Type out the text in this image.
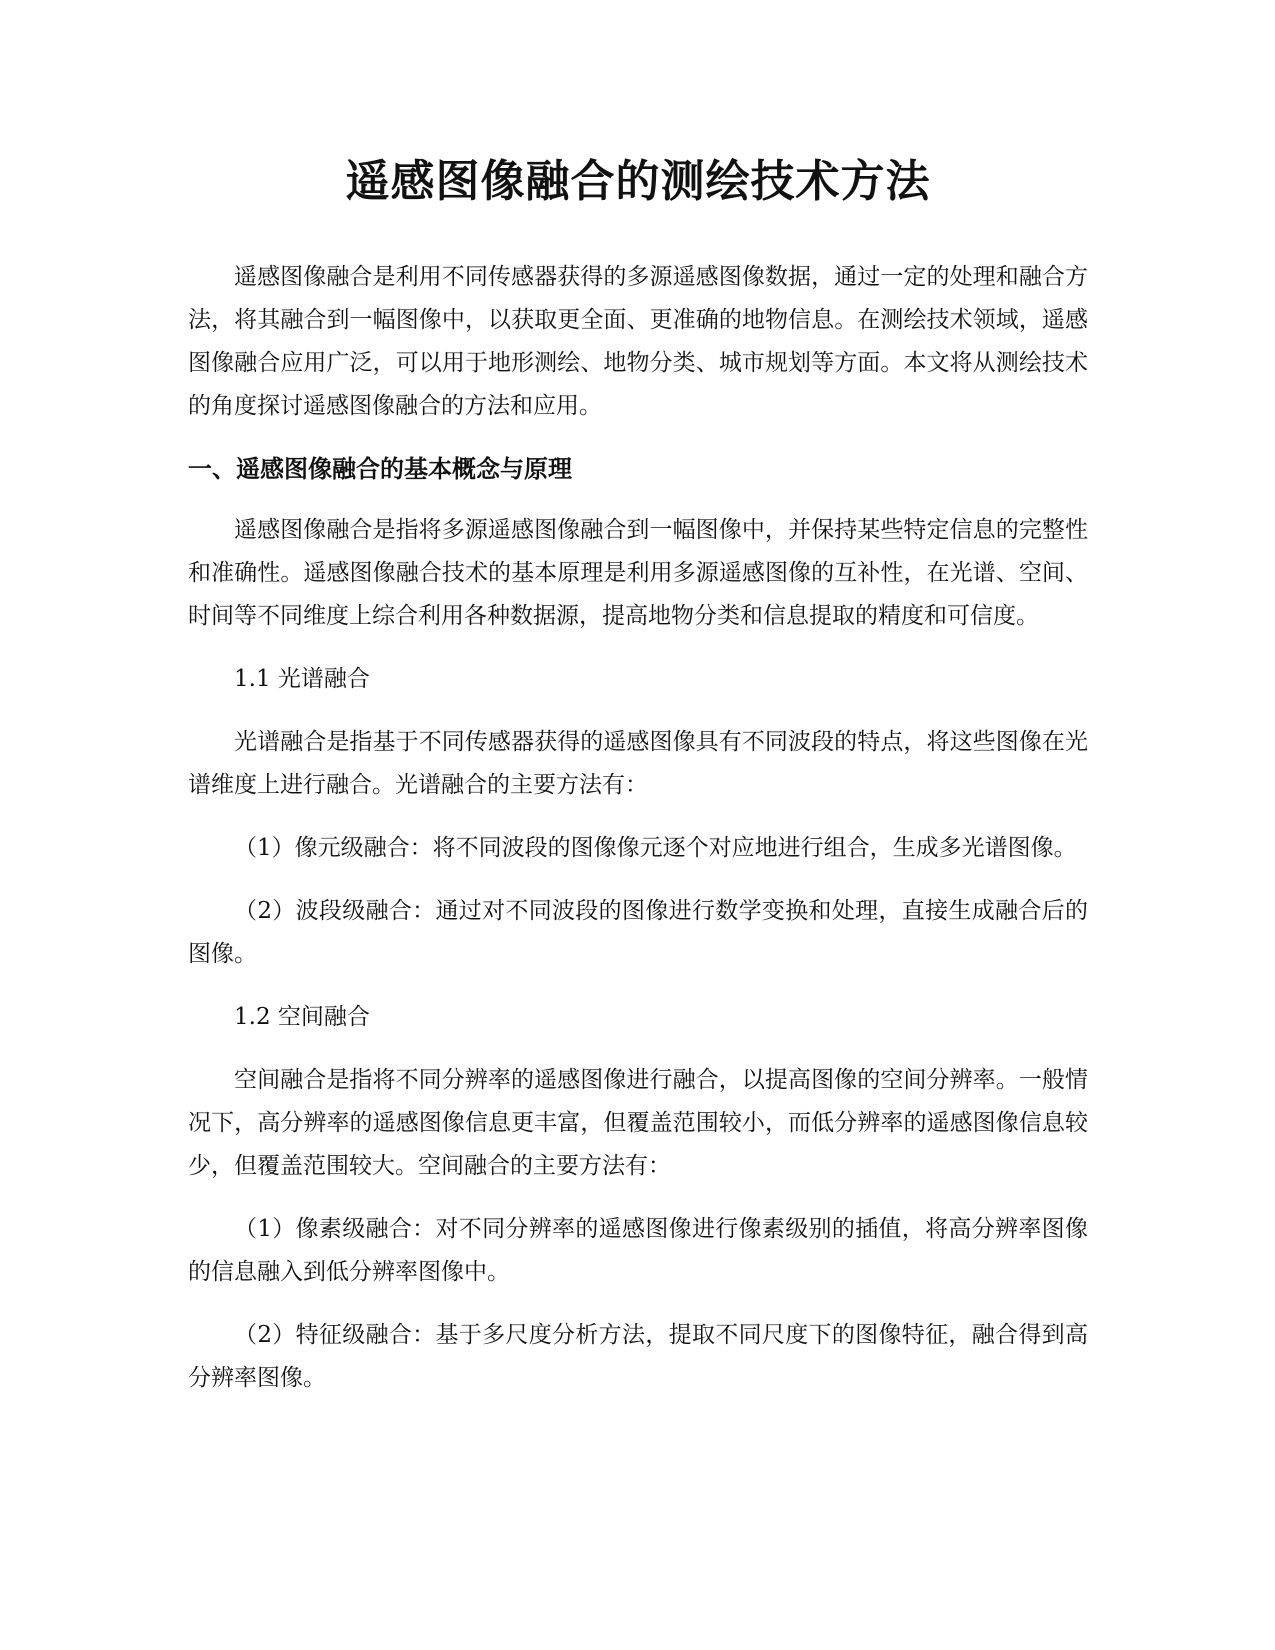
遥感图像融合的测绘技术方法

遥感图像融合是利用不同传感器获得的多源遥感图像数据，通过一定的处理和融合方法，将其融合到一幅图像中，以获取更全面、更准确的地物信息。在测绘技术领域，遥感图像融合应用广泛，可以用于地形测绘、地物分类、城市规划等方面。本文将从测绘技术的角度探讨遥感图像融合的方法和应用。

一、遥感图像融合的基本概念与原理

遥感图像融合是指将多源遥感图像融合到一幅图像中，并保持某些特定信息的完整性和准确性。遥感图像融合技术的基本原理是利用多源遥感图像的互补性，在光谱、空间、时间等不同维度上综合利用各种数据源，提高地物分类和信息提取的精度和可信度。

1.1 光谱融合

光谱融合是指基于不同传感器获得的遥感图像具有不同波段的特点，将这些图像在光谱维度上进行融合。光谱融合的主要方法有：

（1）像元级融合：将不同波段的图像像元逐个对应地进行组合，生成多光谱图像。

（2）波段级融合：通过对不同波段的图像进行数学变换和处理，直接生成融合后的图像。

1.2 空间融合

空间融合是指将不同分辨率的遥感图像进行融合，以提高图像的空间分辨率。一般情况下，高分辨率的遥感图像信息更丰富，但覆盖范围较小，而低分辨率的遥感图像信息较少，但覆盖范围较大。空间融合的主要方法有：

（1）像素级融合：对不同分辨率的遥感图像进行像素级别的插值，将高分辨率图像的信息融入到低分辨率图像中。

（2）特征级融合：基于多尺度分析方法，提取不同尺度下的图像特征，融合得到高分辨率图像。
